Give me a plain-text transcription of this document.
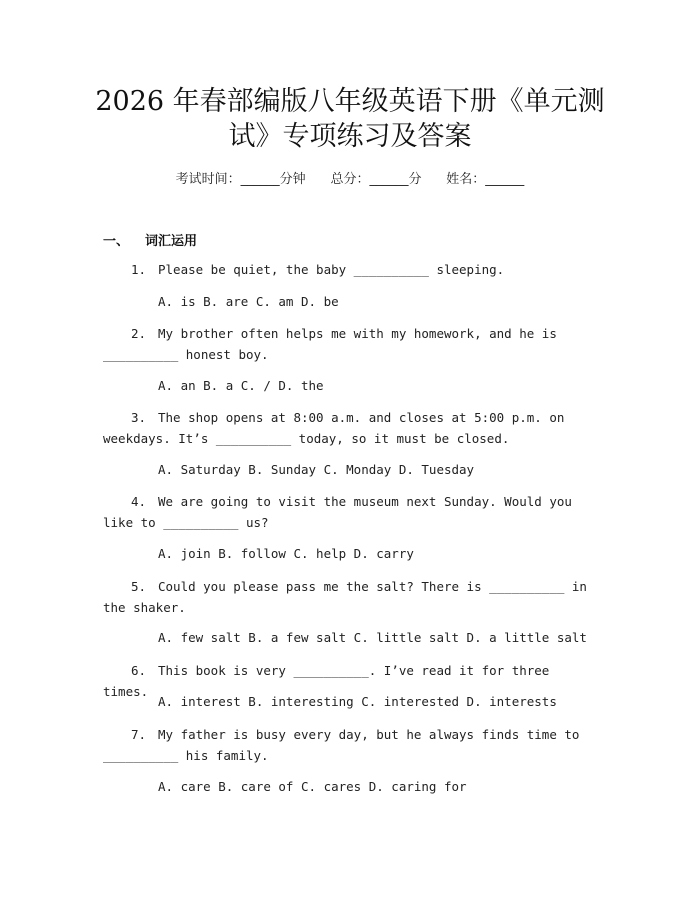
2026 年春部编版八年级英语下册《单元测
试》专项练习及答案
考试时间：______分钟 总分：______分 姓名：______
一、 词汇运用
1. Please be quiet, the baby __________ sleeping.
A. is B. are C. am D. be
2. My brother often helps me with my homework, and he is __________ honest boy.
A. an B. a C. / D. the
3. The shop opens at 8:00 a.m. and closes at 5:00 p.m. on weekdays. It’s __________ today, so it must be closed.
A. Saturday B. Sunday C. Monday D. Tuesday
4. We are going to visit the museum next Sunday. Would you like to __________ us?
A. join B. follow C. help D. carry
5. Could you please pass me the salt? There is __________ in the shaker.
A. few salt B. a few salt C. little salt D. a little salt
6. This book is very __________. I’ve read it for three times.
A. interest B. interesting C. interested D. interests
7. My father is busy every day, but he always finds time to __________ his family.
A. care B. care of C. cares D. caring for
